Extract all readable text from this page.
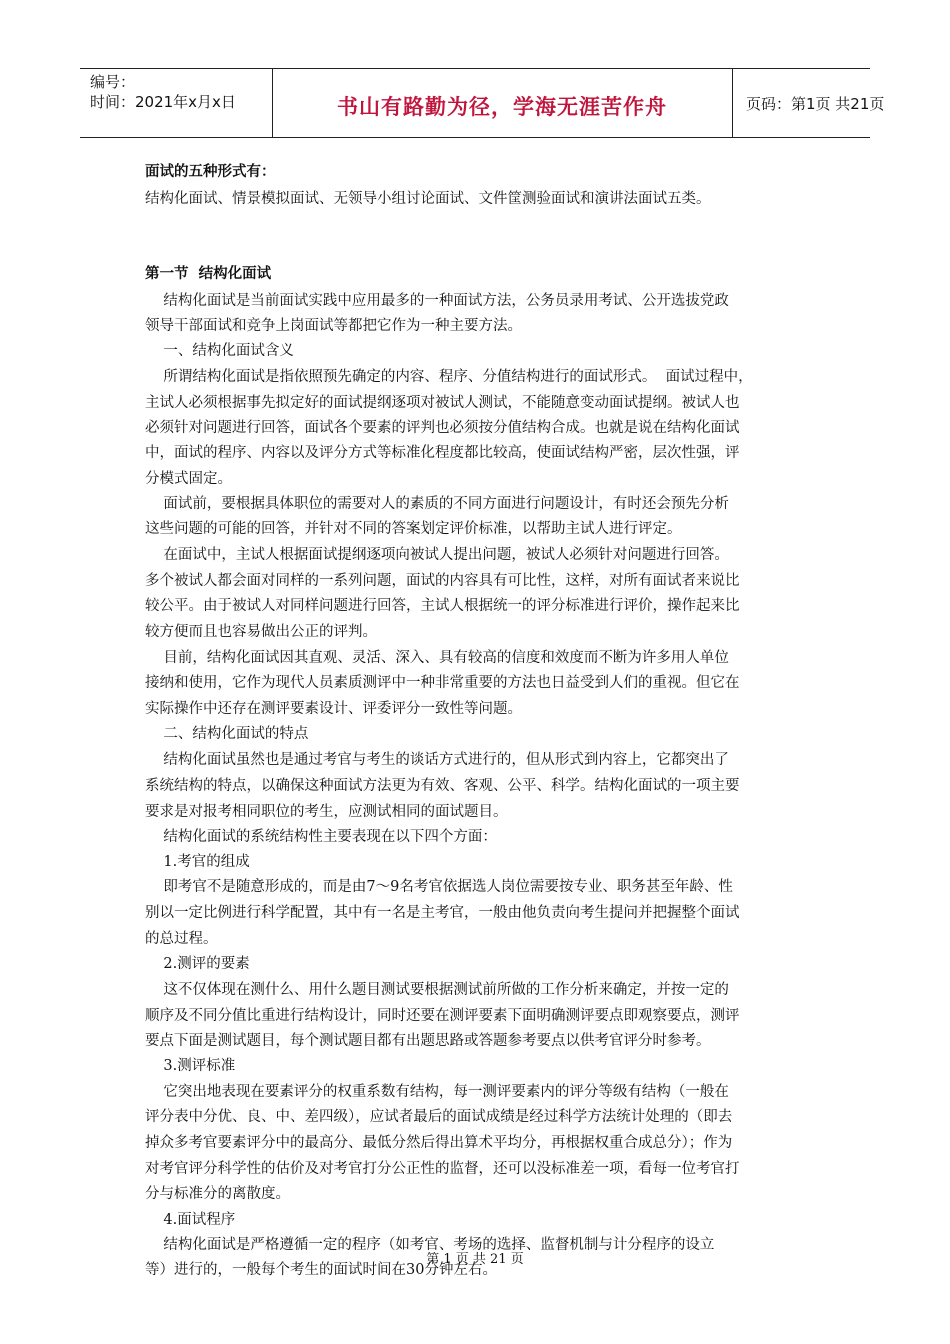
编号：
时间：2021年x月x日	书山有路勤为径，学海无涯苦作舟	页码：第1页 共21页
面试的五种形式有：
结构化面试、情景模拟面试、无领导小组讨论面试、文件筐测验面试和演讲法面试五类。
第一节  结构化面试
结构化面试是当前面试实践中应用最多的一种面试方法，公务员录用考试、公开选拔党政
领导干部面试和竞争上岗面试等都把它作为一种主要方法。
一、结构化面试含义
所谓结构化面试是指依照预先确定的内容、程序、分值结构进行的面试形式。  面试过程中，
主试人必须根据事先拟定好的面试提纲逐项对被试人测试，不能随意变动面试提纲。被试人也
必须针对问题进行回答，面试各个要素的评判也必须按分值结构合成。也就是说在结构化面试
中，面试的程序、内容以及评分方式等标准化程度都比较高，使面试结构严密，层次性强，评
分模式固定。
面试前，要根据具体职位的需要对人的素质的不同方面进行问题设计，有时还会预先分析
这些问题的可能的回答，并针对不同的答案划定评价标准，以帮助主试人进行评定。
在面试中，主试人根据面试提纲逐项向被试人提出问题，被试人必须针对问题进行回答。
多个被试人都会面对同样的一系列问题，面试的内容具有可比性，这样，对所有面试者来说比
较公平。由于被试人对同样问题进行回答，主试人根据统一的评分标准进行评价，操作起来比
较方便而且也容易做出公正的评判。
目前，结构化面试因其直观、灵活、深入、具有较高的信度和效度而不断为许多用人单位
接纳和使用，它作为现代人员素质测评中一种非常重要的方法也日益受到人们的重视。但它在
实际操作中还存在测评要素设计、评委评分一致性等问题。
二、结构化面试的特点
结构化面试虽然也是通过考官与考生的谈话方式进行的，但从形式到内容上，它都突出了
系统结构的特点，以确保这种面试方法更为有效、客观、公平、科学。结构化面试的一项主要
要求是对报考相同职位的考生，应测试相同的面试题目。
结构化面试的系统结构性主要表现在以下四个方面：
1.考官的组成
即考官不是随意形成的，而是由7～9名考官依据选人岗位需要按专业、职务甚至年龄、性
别以一定比例进行科学配置，其中有一名是主考官，一般由他负责向考生提问并把握整个面试
的总过程。
2.测评的要素
这不仅体现在测什么、用什么题目测试要根据测试前所做的工作分析来确定，并按一定的
顺序及不同分值比重进行结构设计，同时还要在测评要素下面明确测评要点即观察要点，测评
要点下面是测试题目，每个测试题目都有出题思路或答题参考要点以供考官评分时参考。
3.测评标准
它突出地表现在要素评分的权重系数有结构，每一测评要素内的评分等级有结构（一般在
评分表中分优、良、中、差四级），应试者最后的面试成绩是经过科学方法统计处理的（即去
掉众多考官要素评分中的最高分、最低分然后得出算术平均分，再根据权重合成总分）；作为
对考官评分科学性的估价及对考官打分公正性的监督，还可以没标准差一项，看每一位考官打
分与标准分的离散度。
4.面试程序
结构化面试是严格遵循一定的程序（如考官、考场的选择、监督机制与计分程序的设立
等）进行的，一般每个考生的面试时间在30分钟左右。
第 1 页 共 21 页
